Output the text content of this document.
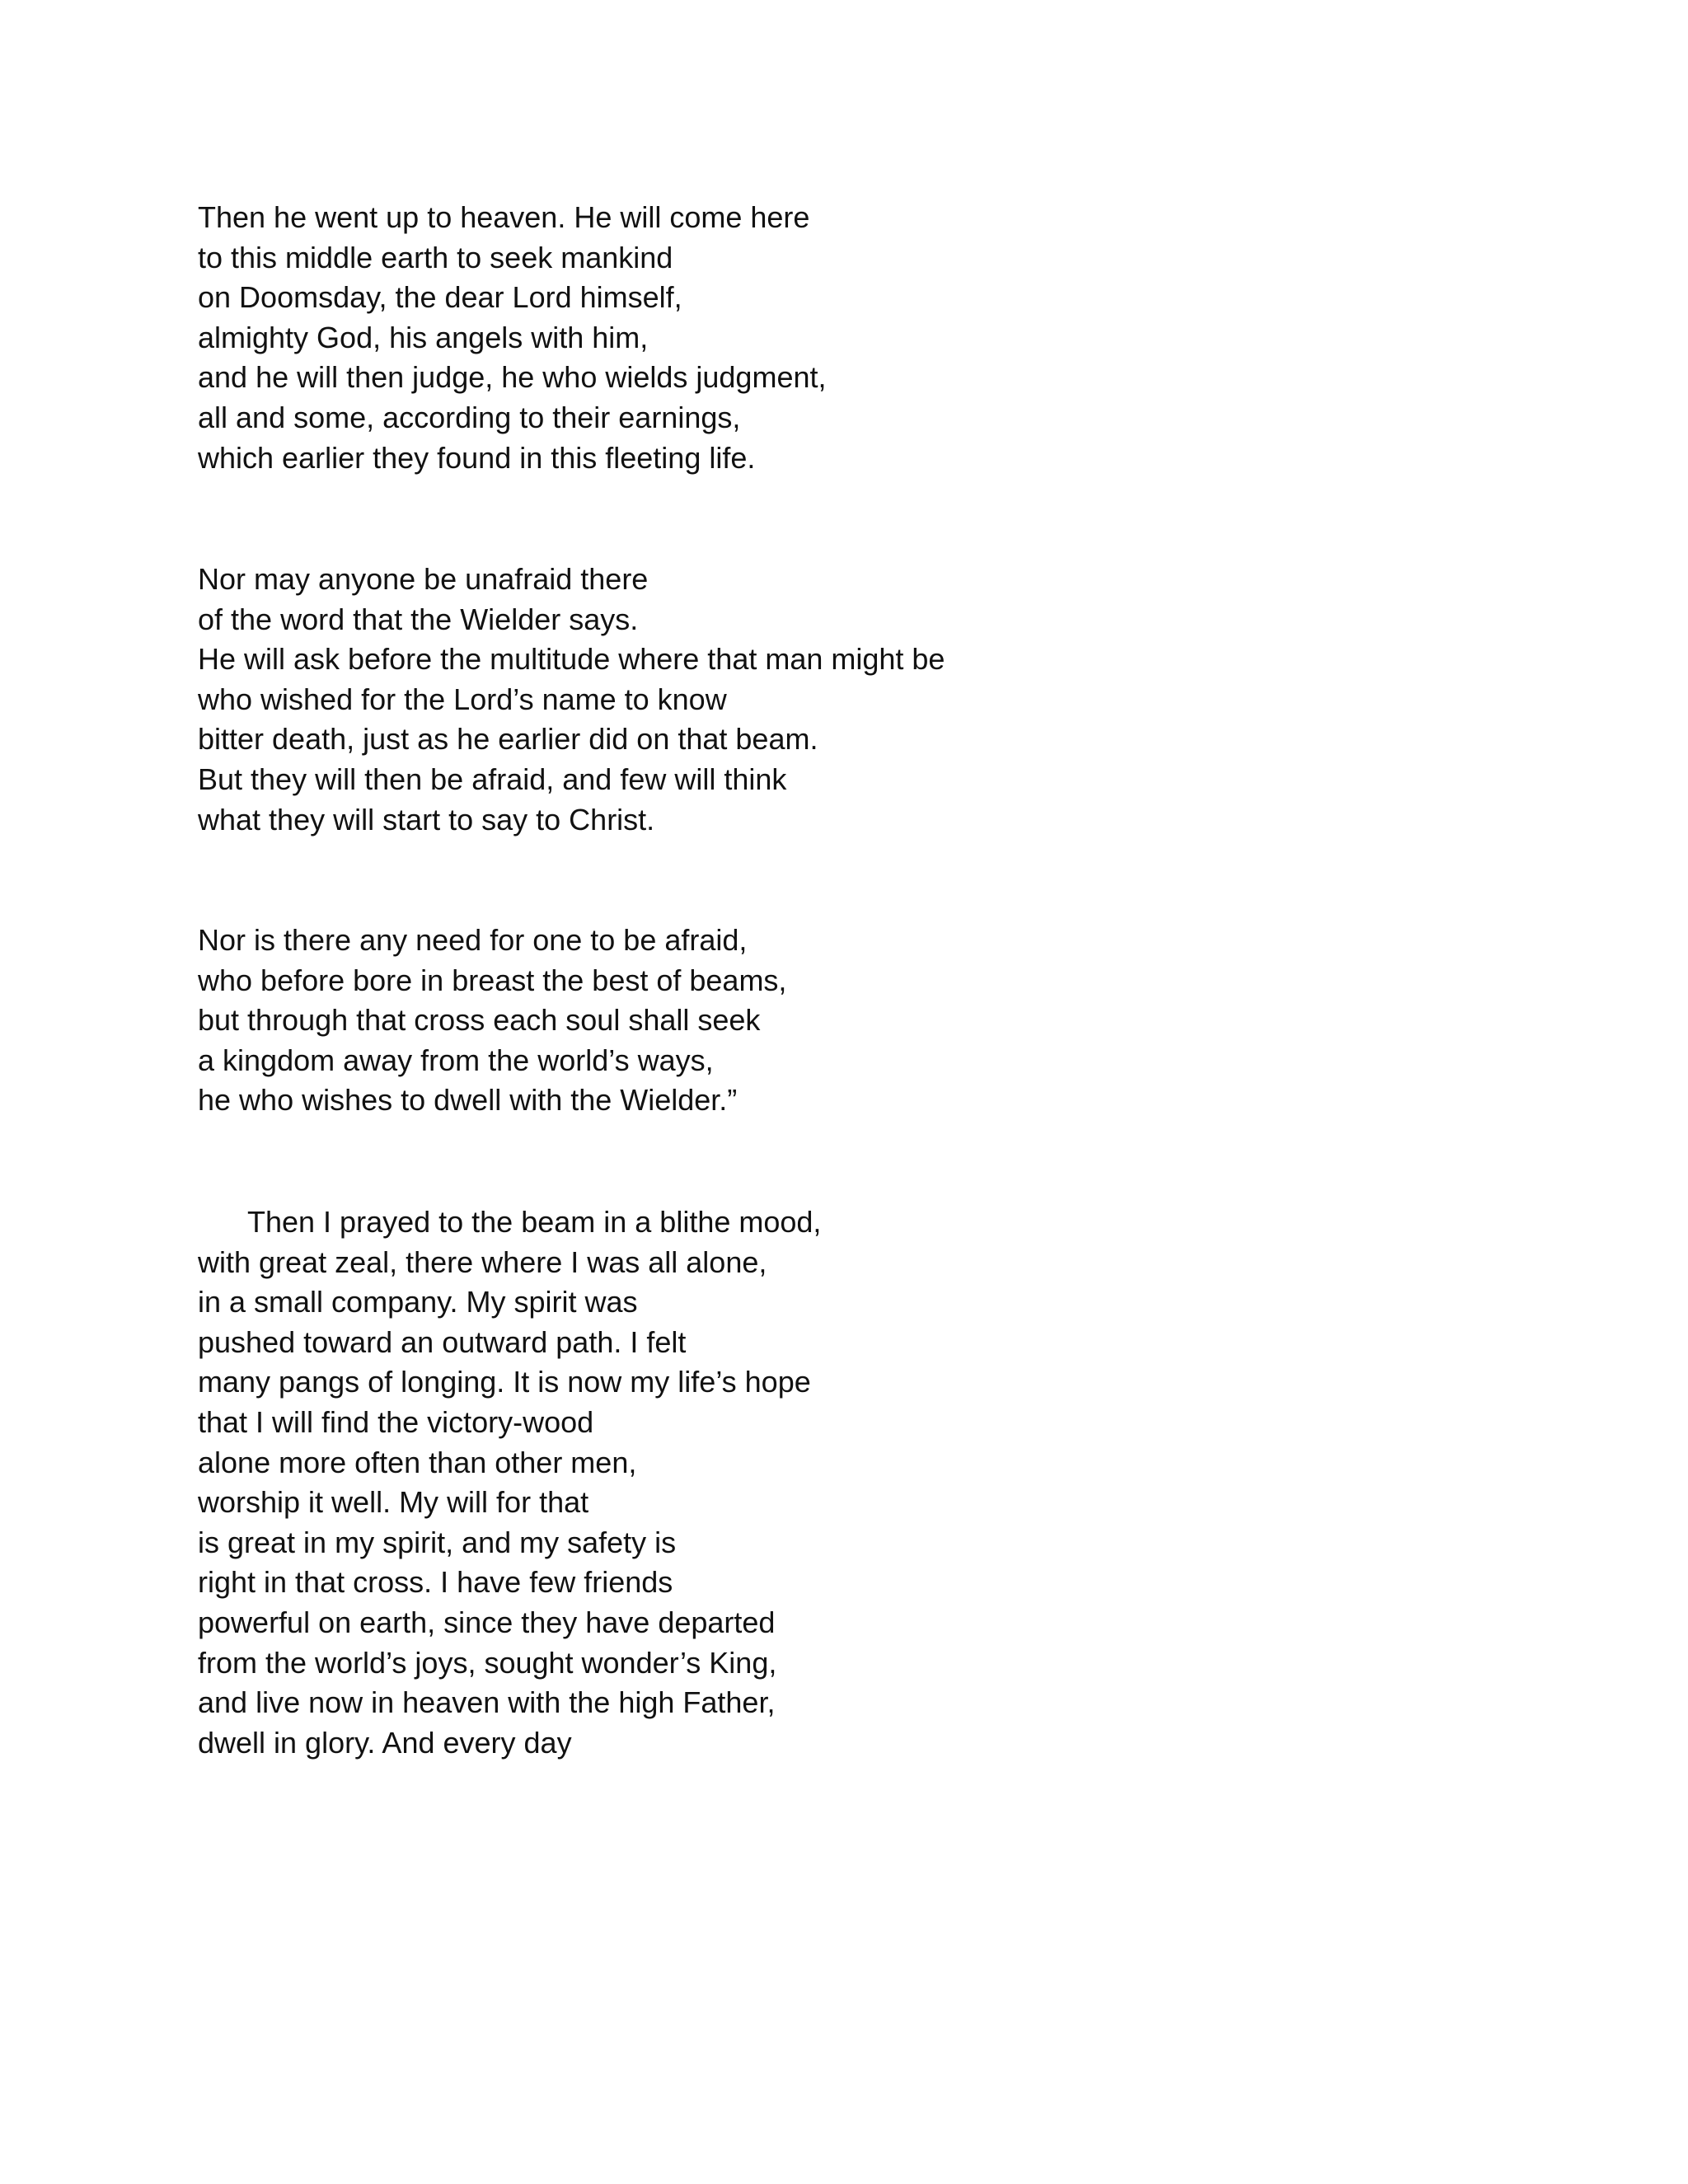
Then he went up to heaven. He will come here
to this middle earth to seek mankind
on Doomsday, the dear Lord himself,
almighty God, his angels with him,
and he will then judge, he who wields judgment,
all and some, according to their earnings,
which earlier they found in this fleeting life.
Nor may anyone be unafraid there
of the word that the Wielder says.
He will ask before the multitude where that man might be
who wished for the Lord’s name to know
bitter death, just as he earlier did on that beam.
But they will then be afraid, and few will think
what they will start to say to Christ.
Nor is there any need for one to be afraid,
who before bore in breast the best of beams,
but through that cross each soul shall seek
a kingdom away from the world’s ways,
he who wishes to dwell with the Wielder.”
Then I prayed to the beam in a blithe mood,
with great zeal, there where I was all alone,
in a small company. My spirit was
pushed toward an outward path. I felt
many pangs of longing. It is now my life’s hope
that I will find the victory-wood
alone more often than other men,
worship it well. My will for that
is great in my spirit, and my safety is
right in that cross. I have few friends
powerful on earth, since they have departed
from the world’s joys, sought wonder’s King,
and live now in heaven with the high Father,
dwell in glory. And every day
